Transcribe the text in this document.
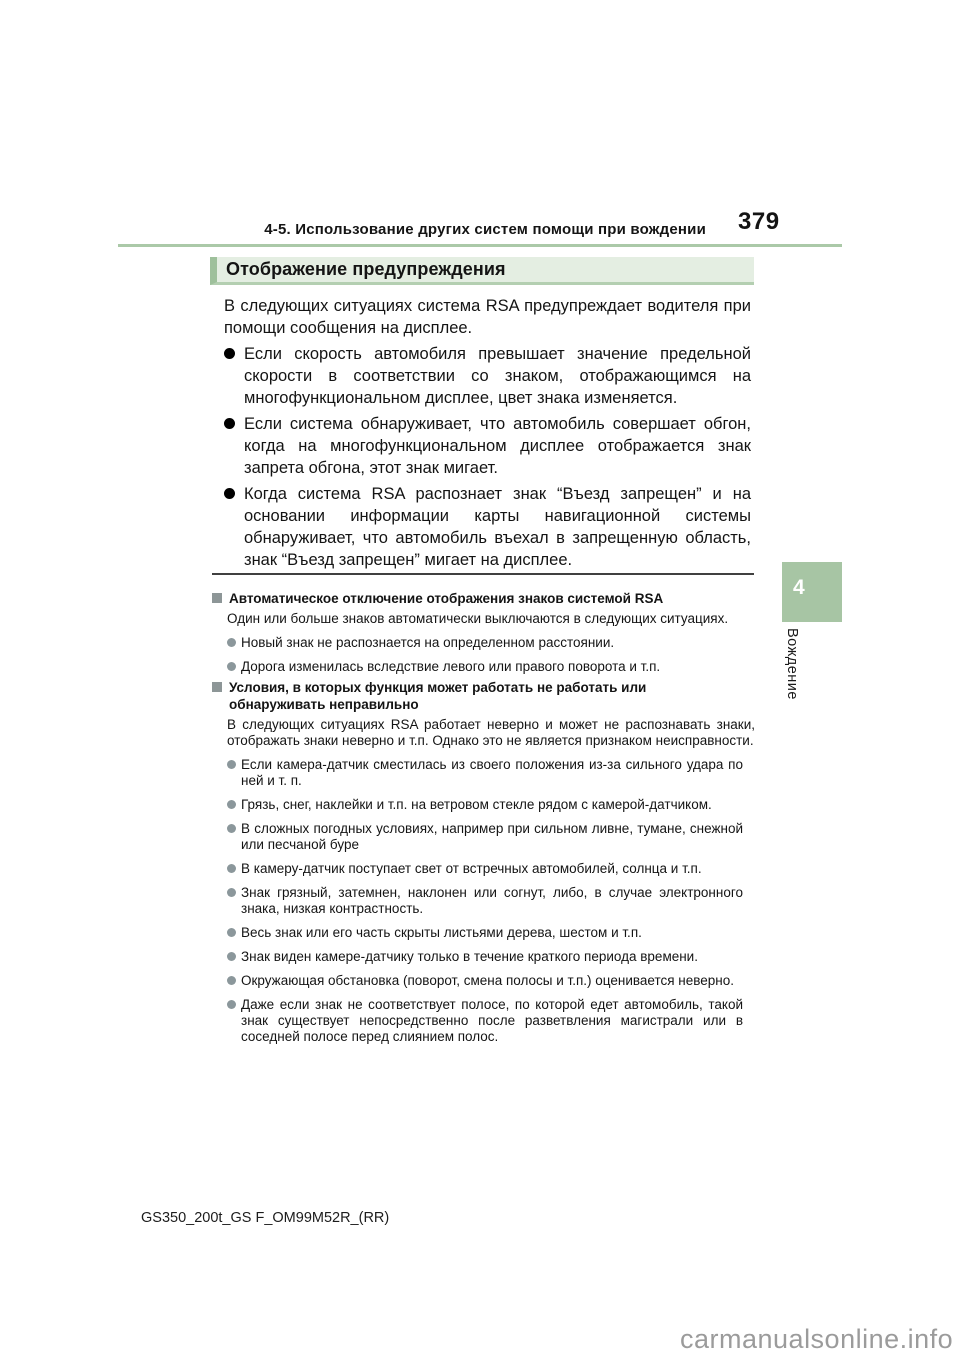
4-5. Использование других систем помощи при вождении 379
Отображение предупреждения
В следующих ситуациях система RSA предупреждает водителя при помощи сообщения на дисплее.
Если скорость автомобиля превышает значение предельной скорости в соответствии со знаком, отображающимся на многофункциональном дисплее, цвет знака изменяется.
Если система обнаруживает, что автомобиль совершает обгон, когда на многофункциональном дисплее отображается знак запрета обгона, этот знак мигает.
Когда система RSA распознает знак “Въезд запрещен” и на основании информации карты навигационной системы обнаруживает, что автомобиль въехал в запрещенную область, знак “Въезд запрещен” мигает на дисплее.
Автоматическое отключение отображения знаков системой RSA
Один или больше знаков автоматически выключаются в следующих ситуациях.
Новый знак не распознается на определенном расстоянии.
Дорога изменилась вследствие левого или правого поворота и т.п.
Условия, в которых функция может работать не работать или обнаруживать неправильно
В следующих ситуациях RSA работает неверно и может не распознавать знаки, отображать знаки неверно и т.п. Однако это не является признаком неисправности.
Если камера-датчик сместилась из своего положения из-за сильного удара по ней и т. п.
Грязь, снег, наклейки и т.п. на ветровом стекле рядом с камерой-датчиком.
В сложных погодных условиях, например при сильном ливне, тумане, снежной или песчаной буре
В камеру-датчик поступает свет от встречных автомобилей, солнца и т.п.
Знак грязный, затемнен, наклонен или согнут, либо, в случае электронного знака, низкая контрастность.
Весь знак или его часть скрыты листьями дерева, шестом и т.п.
Знак виден камере-датчику только в течение краткого периода времени.
Окружающая обстановка (поворот, смена полосы и т.п.) оценивается неверно.
Даже если знак не соответствует полосе, по которой едет автомобиль, такой знак существует непосредственно после разветвления магистрали или в соседней полосе перед слиянием полос.
4
Вождение
GS350_200t_GS F_OM99M52R_(RR)
carmanualsonline.info
